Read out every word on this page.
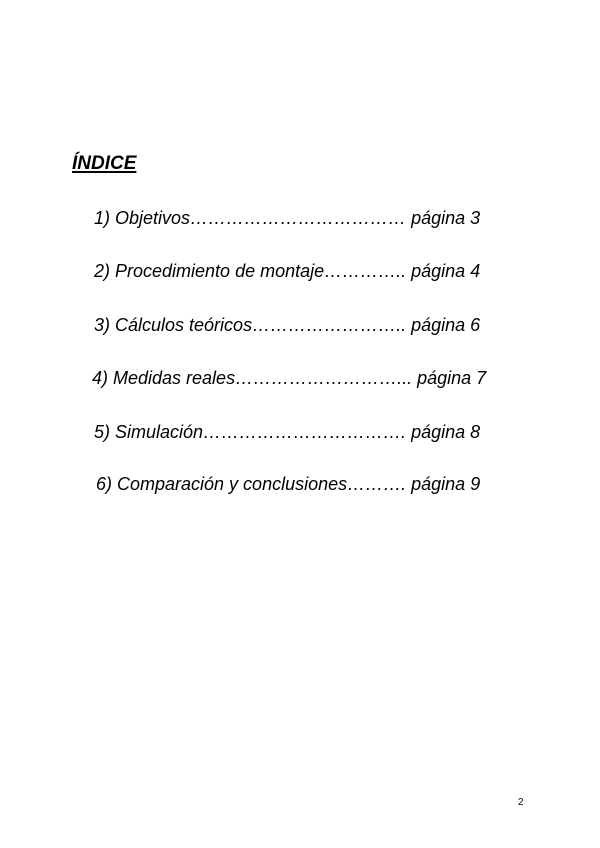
ÍNDICE
1) Objetivos……………………………… página 3
2) Procedimiento de montaje………….. página 4
3) Cálculos teóricos…………………….. página 6
4) Medidas reales………………………... página 7
5) Simulación……………………………. página 8
6) Comparación y conclusiones………. página 9
2
